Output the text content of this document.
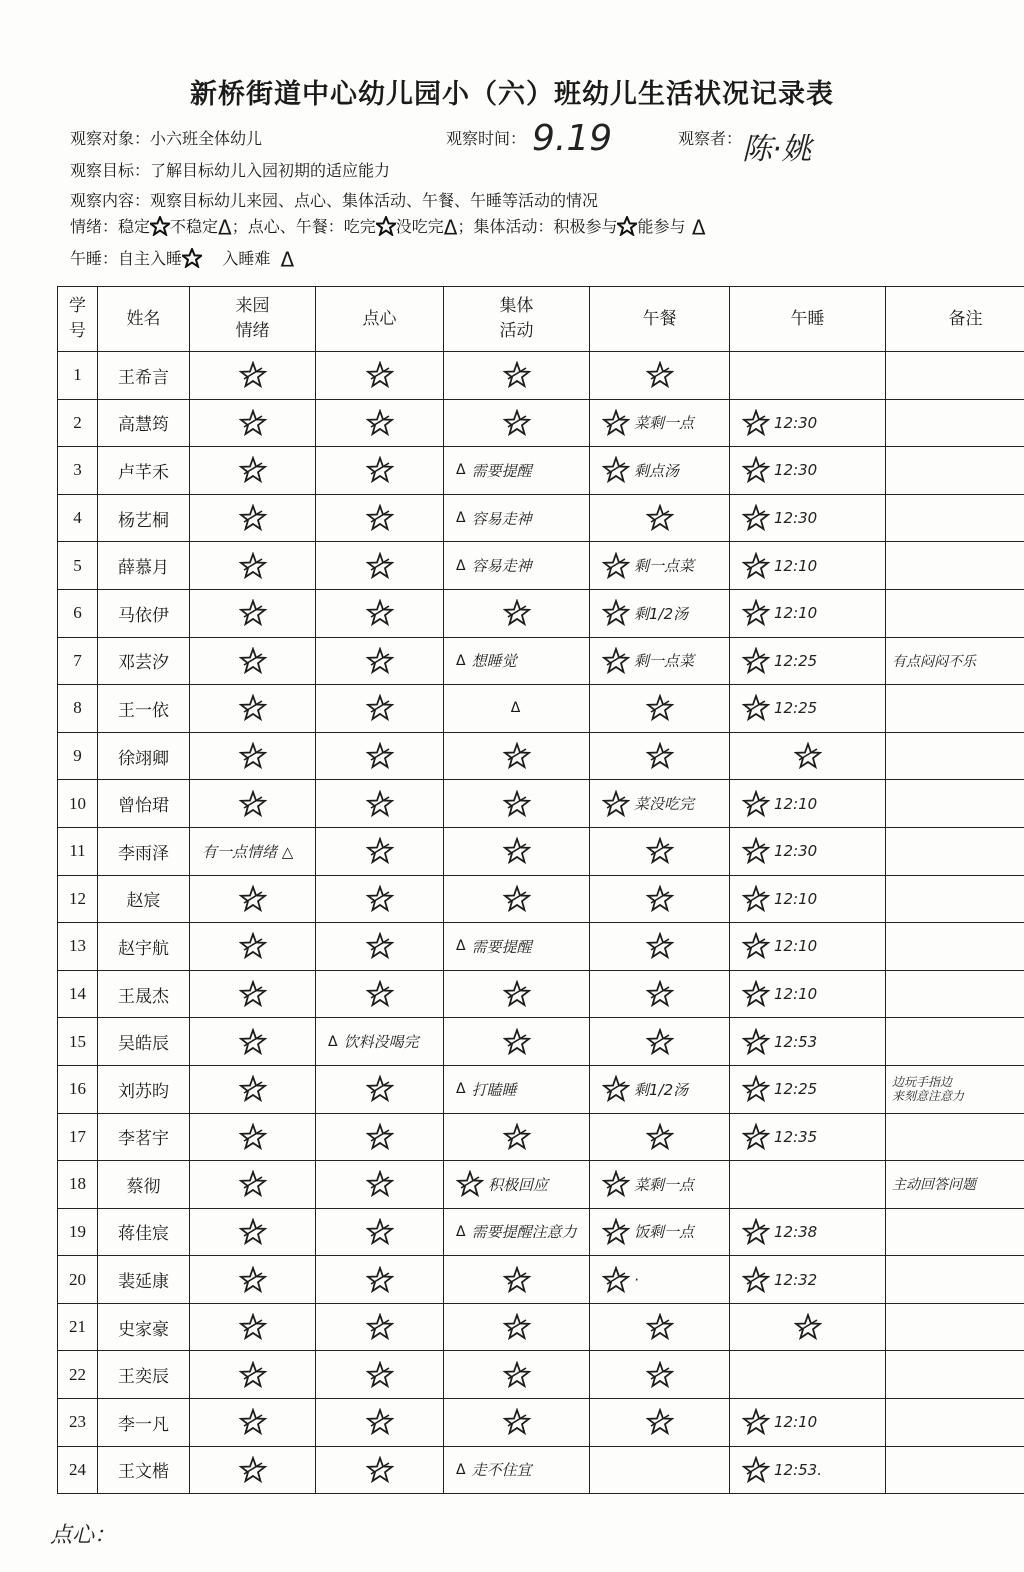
新桥街道中心幼儿园小（六）班幼儿生活状况记录表
观察对象：小六班全体幼儿	观察时间： 9.19	观察者： 陈·姚
观察目标：了解目标幼儿入园初期的适应能力
观察内容：观察目标幼儿来园、点心、集体活动、午餐、午睡等活动的情况
情绪：稳定 不稳定Δ；点心、午餐：吃完 没吃完Δ；集体活动：积极参与 能参与 Δ
午睡：自主入睡	入睡难 Δ
学号	姓名	来园情绪	点心	集体活动	午餐	午睡	备注
1	王希言	

2	高慧筠				菜剩一点	12:30	

3	卢芊禾			Δ 需要提醒	剩点汤	12:30	

4	杨艺桐			Δ 容易走神		12:30	

5	薛慕月			Δ 容易走神	剩一点菜	12:10	

6	马依伊				剩1/2汤	12:10	

7	邓芸汐			Δ 想睡觉	剩一点菜	12:25	有点闷闷不乐

8	王一依			Δ		12:25	

9	徐翊卿	

10	曾怡珺				菜没吃完	12:10	

11	李雨泽	有一点情绪 △				12:30	

12	赵宸					12:10	

13	赵宇航			Δ 需要提醒		12:10	

14	王晟杰					12:10	

15	吴皓辰		Δ 饮料没喝完			12:53	

16	刘苏昀			Δ 打瞌睡	剩1/2汤	12:25	边玩手指边
来刻意注意力

17	李茗宇					12:35	

18	蔡彻			积极回应	菜剩一点		主动回答问题

19	蒋佳宸			Δ 需要提醒注意力	饭剩一点	12:38	

20	裴延康				·	12:32	

21	史家豪	

22	王奕辰	

23	李一凡					12:10	

24	王文楷			Δ 走不住宜		12:53.	

点心：
